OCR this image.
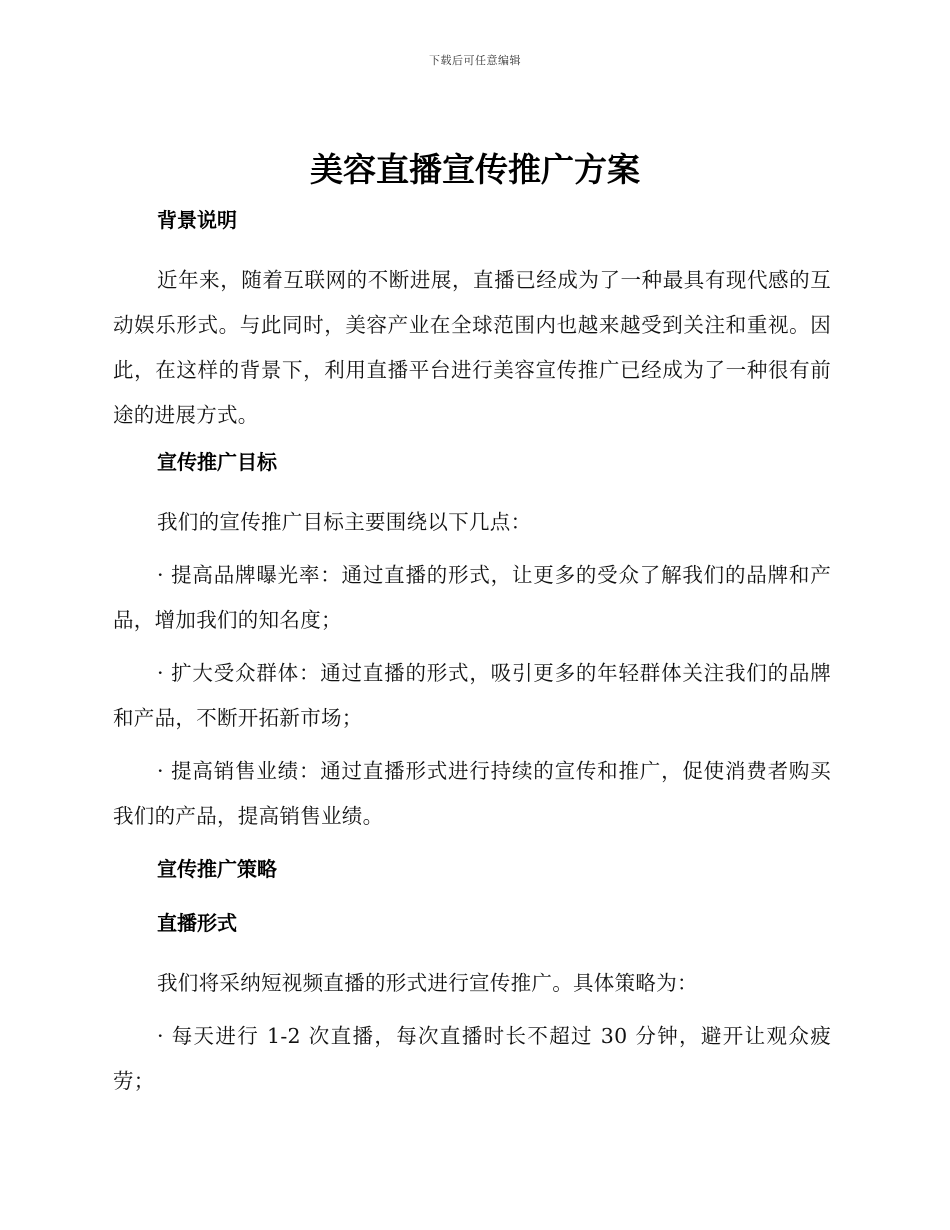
下载后可任意编辑
美容直播宣传推广方案
背景说明

近年来，随着互联网的不断进展，直播已经成为了一种最具有现代感的互动娱乐形式。与此同时，美容产业在全球范围内也越来越受到关注和重视。因此，在这样的背景下，利用直播平台进行美容宣传推广已经成为了一种很有前途的进展方式。

宣传推广目标

我们的宣传推广目标主要围绕以下几点：

· 提高品牌曝光率：通过直播的形式，让更多的受众了解我们的品牌和产品，增加我们的知名度；

· 扩大受众群体：通过直播的形式，吸引更多的年轻群体关注我们的品牌和产品，不断开拓新市场；

· 提高销售业绩：通过直播形式进行持续的宣传和推广，促使消费者购买我们的产品，提高销售业绩。

宣传推广策略
直播形式

我们将采纳短视频直播的形式进行宣传推广。具体策略为：

· 每天进行 1-2 次直播，每次直播时长不超过 30 分钟，避开让观众疲劳；
